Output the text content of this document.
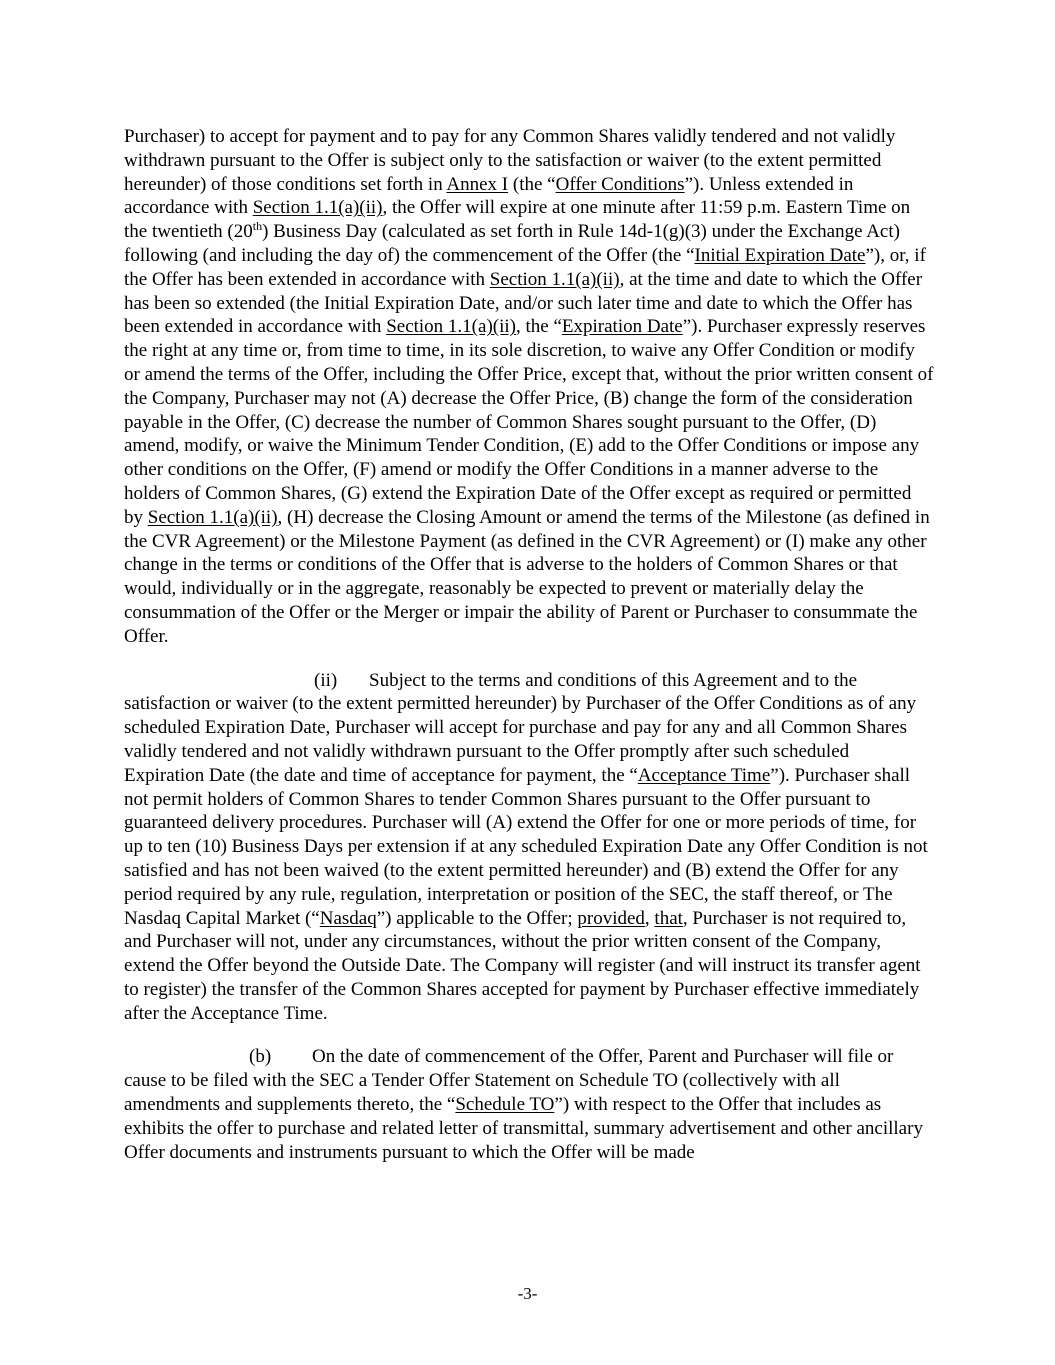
Purchaser) to accept for payment and to pay for any Common Shares validly tendered and not validly withdrawn pursuant to the Offer is subject only to the satisfaction or waiver (to the extent permitted hereunder) of those conditions set forth in Annex I (the “Offer Conditions”). Unless extended in accordance with Section 1.1(a)(ii), the Offer will expire at one minute after 11:59 p.m. Eastern Time on the twentieth (20th) Business Day (calculated as set forth in Rule 14d-1(g)(3) under the Exchange Act) following (and including the day of) the commencement of the Offer (the “Initial Expiration Date”), or, if the Offer has been extended in accordance with Section 1.1(a)(ii), at the time and date to which the Offer has been so extended (the Initial Expiration Date, and/or such later time and date to which the Offer has been extended in accordance with Section 1.1(a)(ii), the “Expiration Date”). Purchaser expressly reserves the right at any time or, from time to time, in its sole discretion, to waive any Offer Condition or modify or amend the terms of the Offer, including the Offer Price, except that, without the prior written consent of the Company, Purchaser may not (A) decrease the Offer Price, (B) change the form of the consideration payable in the Offer, (C) decrease the number of Common Shares sought pursuant to the Offer, (D) amend, modify, or waive the Minimum Tender Condition, (E) add to the Offer Conditions or impose any other conditions on the Offer, (F) amend or modify the Offer Conditions in a manner adverse to the holders of Common Shares, (G) extend the Expiration Date of the Offer except as required or permitted by Section 1.1(a)(ii), (H) decrease the Closing Amount or amend the terms of the Milestone (as defined in the CVR Agreement) or the Milestone Payment (as defined in the CVR Agreement) or (I) make any other change in the terms or conditions of the Offer that is adverse to the holders of Common Shares or that would, individually or in the aggregate, reasonably be expected to prevent or materially delay the consummation of the Offer or the Merger or impair the ability of Parent or Purchaser to consummate the Offer.

(ii) Subject to the terms and conditions of this Agreement and to the satisfaction or waiver (to the extent permitted hereunder) by Purchaser of the Offer Conditions as of any scheduled Expiration Date, Purchaser will accept for purchase and pay for any and all Common Shares validly tendered and not validly withdrawn pursuant to the Offer promptly after such scheduled Expiration Date (the date and time of acceptance for payment, the “Acceptance Time”). Purchaser shall not permit holders of Common Shares to tender Common Shares pursuant to the Offer pursuant to guaranteed delivery procedures. Purchaser will (A) extend the Offer for one or more periods of time, for up to ten (10) Business Days per extension if at any scheduled Expiration Date any Offer Condition is not satisfied and has not been waived (to the extent permitted hereunder) and (B) extend the Offer for any period required by any rule, regulation, interpretation or position of the SEC, the staff thereof, or The Nasdaq Capital Market (“Nasdaq”) applicable to the Offer; provided, that, Purchaser is not required to, and Purchaser will not, under any circumstances, without the prior written consent of the Company, extend the Offer beyond the Outside Date. The Company will register (and will instruct its transfer agent to register) the transfer of the Common Shares accepted for payment by Purchaser effective immediately after the Acceptance Time.

(b) On the date of commencement of the Offer, Parent and Purchaser will file or cause to be filed with the SEC a Tender Offer Statement on Schedule TO (collectively with all amendments and supplements thereto, the “Schedule TO”) with respect to the Offer that includes as exhibits the offer to purchase and related letter of transmittal, summary advertisement and other ancillary Offer documents and instruments pursuant to which the Offer will be made

-3-
